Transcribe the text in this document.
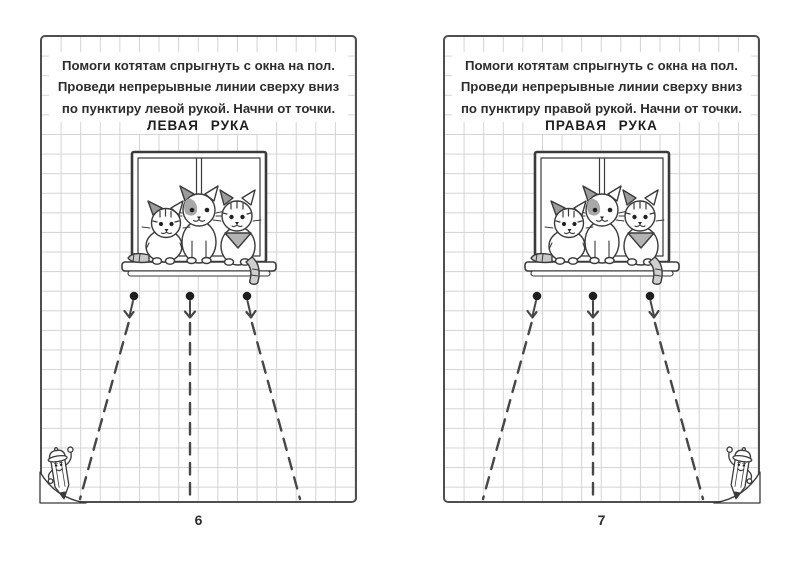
Помоги котятам спрыгнуть с окна на пол.
Проведи непрерывные линии сверху вниз
по пунктиру левой рукой. Начни от точки.
ЛЕВАЯ РУКА
6
Помоги котятам спрыгнуть с окна на пол.
Проведи непрерывные линии сверху вниз
по пунктиру правой рукой. Начни от точки.
ПРАВАЯ РУКА
7
